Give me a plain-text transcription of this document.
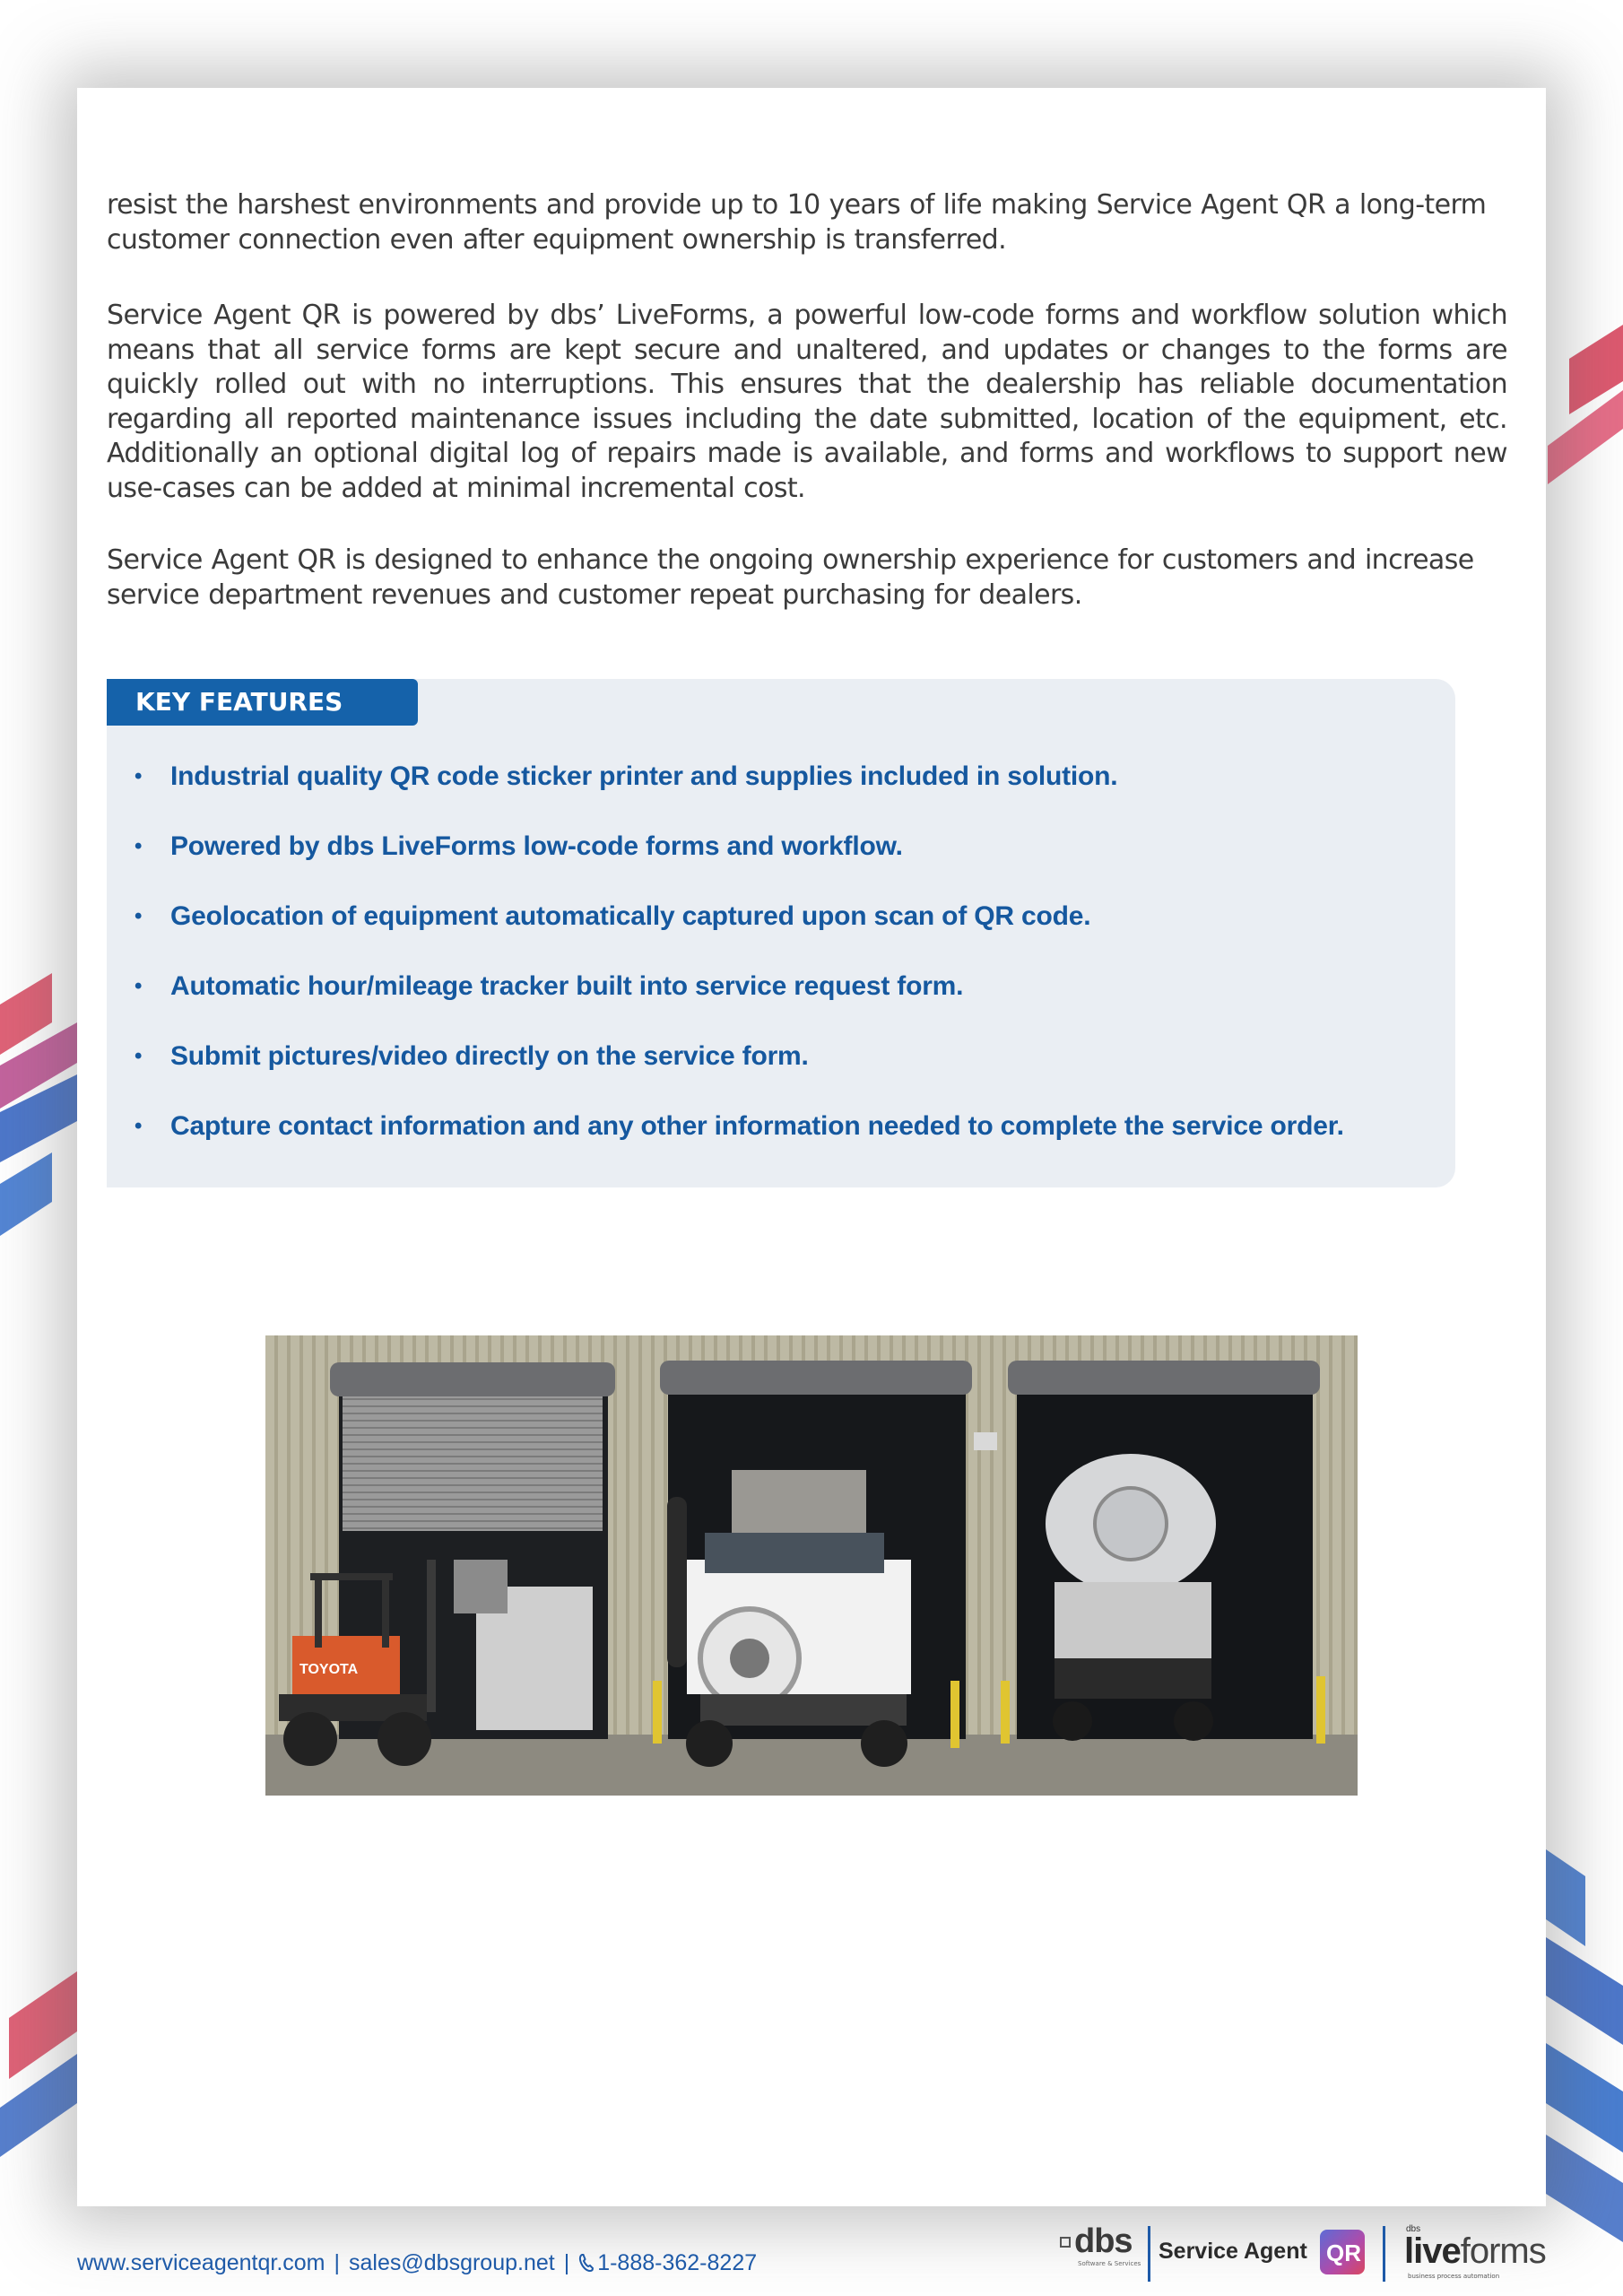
resist the harshest environments and provide up to 10 years of life making Service Agent QR a long-term customer connection even after equipment ownership is transferred.

Service Agent QR is powered by dbs’ LiveForms, a powerful low-code forms and workflow solution which means that all service forms are kept secure and unaltered, and updates or changes to the forms are quickly rolled out with no interruptions. This ensures that the dealership has reliable documentation regarding all reported maintenance issues including the date submitted, location of the equipment, etc. Additionally an optional digital log of repairs made is available, and forms and workflows to support new use-cases can be added at minimal incremental cost.

Service Agent QR is designed to enhance the ongoing ownership experience for customers and increase service department revenues and customer repeat purchasing for dealers.

KEY FEATURES
•	Industrial quality QR code sticker printer and supplies included in solution.
•	Powered by dbs LiveForms low-code forms and workflow.
•	Geolocation of equipment automatically captured upon scan of QR code.
•	Automatic hour/mileage tracker built into service request form.
•	Submit pictures/video directly on the service form.
•	Capture contact information and any other information needed to complete the service order.
TOYOTA
www.serviceagentqr.com | sales@dbsgroup.net | 1-888-362-8227
dbs
Software & Services Service Agent QR
dbs
liveforms
business process automation
